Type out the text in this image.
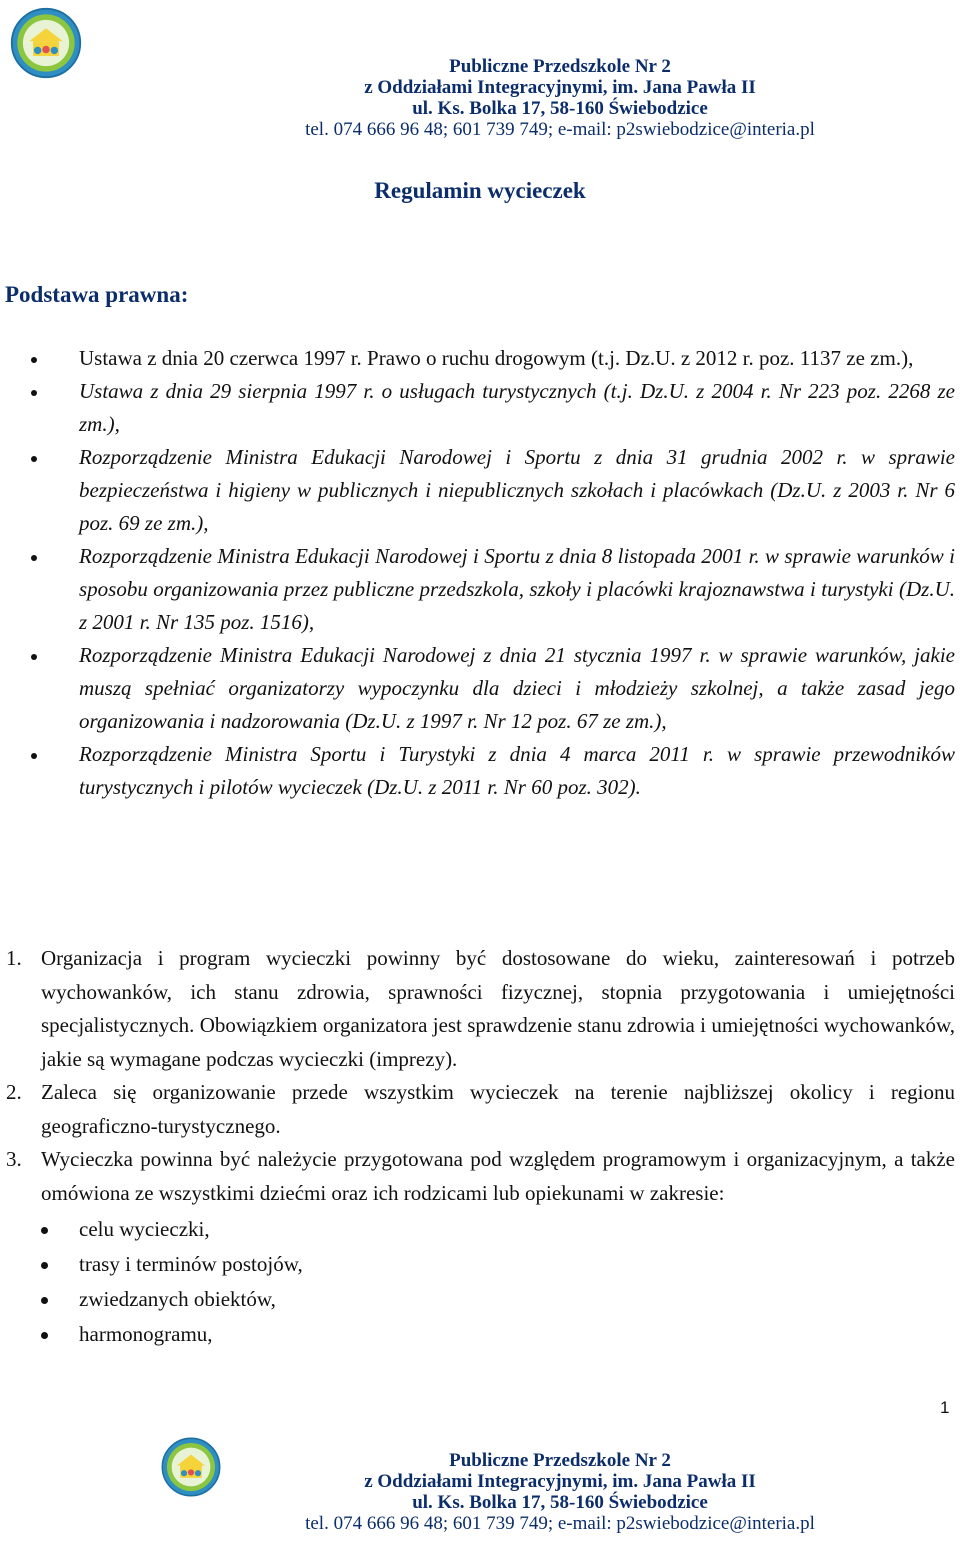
Publiczne Przedszkole Nr 2
z Oddziałami Integracyjnymi, im. Jana Pawła II
ul. Ks. Bolka 17, 58-160 Świebodzice
tel. 074 666 96 48; 601 739 749; e-mail: p2swiebodzice@interia.pl
Regulamin wycieczek
Podstawa prawna:
Ustawa z dnia 20 czerwca 1997 r. Prawo o ruchu drogowym (t.j. Dz.U. z 2012 r. poz. 1137 ze zm.),
Ustawa z dnia 29 sierpnia 1997 r. o usługach turystycznych (t.j. Dz.U. z 2004 r. Nr 223 poz. 2268 ze zm.),
Rozporządzenie Ministra Edukacji Narodowej i Sportu z dnia 31 grudnia 2002 r. w sprawie bezpieczeństwa i higieny w publicznych i niepublicznych szkołach i placówkach (Dz.U. z 2003 r. Nr 6 poz. 69 ze zm.),
Rozporządzenie Ministra Edukacji Narodowej i Sportu z dnia 8 listopada 2001 r. w sprawie warunków i sposobu organizowania przez publiczne przedszkola, szkoły i placówki krajoznawstwa i turystyki (Dz.U. z 2001 r. Nr 135 poz. 1516),
Rozporządzenie Ministra Edukacji Narodowej z dnia 21 stycznia 1997 r. w sprawie warunków, jakie muszą spełniać organizatorzy wypoczynku dla dzieci i młodzieży szkolnej, a także zasad jego organizowania i nadzorowania (Dz.U. z 1997 r. Nr 12 poz. 67 ze zm.),
Rozporządzenie Ministra Sportu i Turystyki z dnia 4 marca 2011 r. w sprawie przewodników turystycznych i pilotów wycieczek (Dz.U. z 2011 r. Nr 60 poz. 302).
1. Organizacja i program wycieczki powinny być dostosowane do wieku, zainteresowań i potrzeb wychowanków, ich stanu zdrowia, sprawności fizycznej, stopnia przygotowania i umiejętności specjalistycznych. Obowiązkiem organizatora jest sprawdzenie stanu zdrowia i umiejętności wychowanków, jakie są wymagane podczas wycieczki (imprezy).
2. Zaleca się organizowanie przede wszystkim wycieczek na terenie najbliższej okolicy i regionu geograficzno-turystycznego.
3. Wycieczka powinna być należycie przygotowana pod względem programowym i organizacyjnym, a także omówiona ze wszystkimi dziećmi oraz ich rodzicami lub opiekunami w zakresie:
celu wycieczki,
trasy i terminów postojów,
zwiedzanych obiektów,
harmonogramu,
1
Publiczne Przedszkole Nr 2
z Oddziałami Integracyjnymi, im. Jana Pawła II
ul. Ks. Bolka 17, 58-160 Świebodzice
tel. 074 666 96 48; 601 739 749; e-mail: p2swiebodzice@interia.pl
